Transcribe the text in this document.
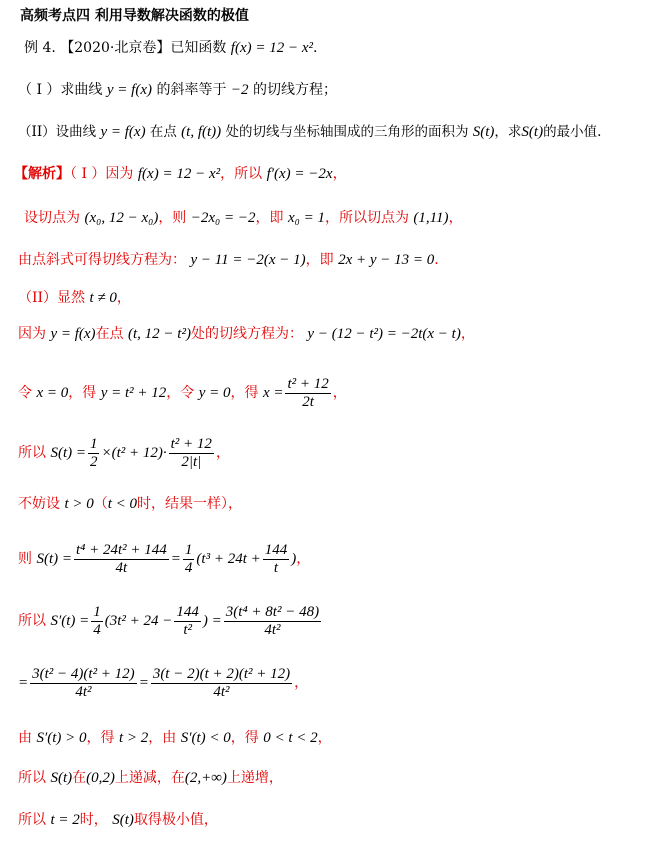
高频考点四 利用导数解决函数的极值
例 4. 【2020·北京卷】已知函数 f(x) = 12 − x².
（ I ）求曲线 y = f(x) 的斜率等于 −2 的切线方程；
（II）设曲线 y = f(x) 在点 (t, f(t)) 处的切线与坐标轴围成的三角形的面积为 S(t)，求S(t)的最小值.
【解析】（ I ）因为 f(x) = 12 − x²，所以 f′(x) = −2x，
设切点为 (x₀, 12 − x₀)，则 −2x₀ = −2，即 x₀ = 1，所以切点为 (1,11)，
由点斜式可得切线方程为： y − 11 = −2(x − 1)，即 2x + y − 13 = 0.
（II）显然 t ≠ 0，
因为 y = f(x)在点 (t, 12 − t²)处的切线方程为： y − (12 − t²) = −2t(x − t)，
令 x = 0，得 y = t² + 12，令 y = 0，得 $x = \frac{\text{t² + 12}}{2t}$ ，
所以 $S(t) = \frac{1}{2} \times(t^2 + 12)\cdot \frac{\text{t² + 12}}{2|t|}$ ，
不妨设 t > 0（t < 0时，结果一样），
则 $S(t) = \frac{\text{t⁴ + 24t² + 144}}{4t} = \frac{1}{4} (t^3 + 24t + \frac{144}{t}$ )，
所以 $S'(t) = \frac{1}{4} (3t^2 + 24 - \frac{144}{\text{t²}}$ ) = $\frac{\text{3(t⁴ + 8t² − 48)}}{\text{4t²}}$
= $\frac{\text{3(t² − 4)(t² + 12)}}{\text{4t²}} = \frac{\text{3(t − 2)(t + 2)(t² + 12)}}{\text{4t²}}$ ，
由 S′(t) > 0，得 t > 2，由 S′(t) < 0，得 0 < t < 2，
所以 S(t)在(0,2)上递减，在(2,+∞)上递增，
所以 t = 2时， S(t)取得极小值，
